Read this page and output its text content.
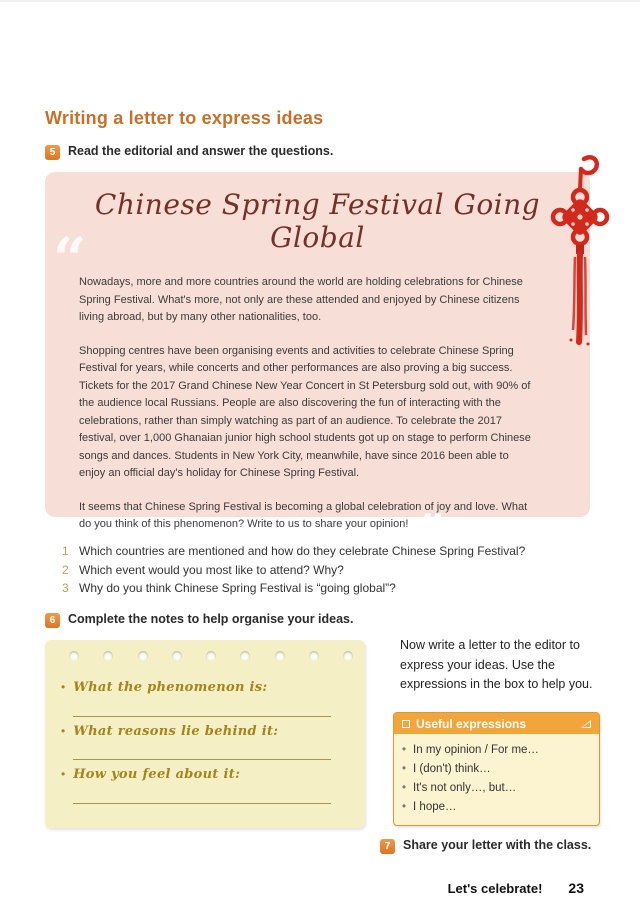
Writing a letter to express ideas
5	Read the editorial and answer the questions.
Chinese Spring Festival Going Global
“

Nowadays, more and more countries around the world are holding celebrations for Chinese Spring Festival. What's more, not only are these attended and enjoyed by Chinese citizens living abroad, but by many other nationalities, too.

Shopping centres have been organising events and activities to celebrate Chinese Spring Festival for years, while concerts and other performances are also proving a big success. Tickets for the 2017 Grand Chinese New Year Concert in St Petersburg sold out, with 90% of the audience local Russians. People are also discovering the fun of interacting with the celebrations, rather than simply watching as part of an audience. To celebrate the 2017 festival, over 1,000 Ghanaian junior high school students got up on stage to perform Chinese songs and dances. Students in New York City, meanwhile, have since 2016 been able to enjoy an official day's holiday for Chinese Spring Festival.

It seems that Chinese Spring Festival is becoming a global celebration of joy and love. What do you think of this phenomenon? Write to us to share your opinion! ”

1 Which countries are mentioned and how do they celebrate Chinese Spring Festival?
2 Which event would you most like to attend? Why?
3 Why do you think Chinese Spring Festival is “going global”?
6	Complete the notes to help organise your ideas.
• What the phenomenon is:
• What reasons lie behind it:
• How you feel about it:
Now write a letter to the editor to express your ideas. Use the expressions in the box to help you.
Useful expressions
• In my opinion / For me…
• I (don't) think…
• It's not only…, but…
• I hope…
7	Share your letter with the class.
Let's celebrate! 23
